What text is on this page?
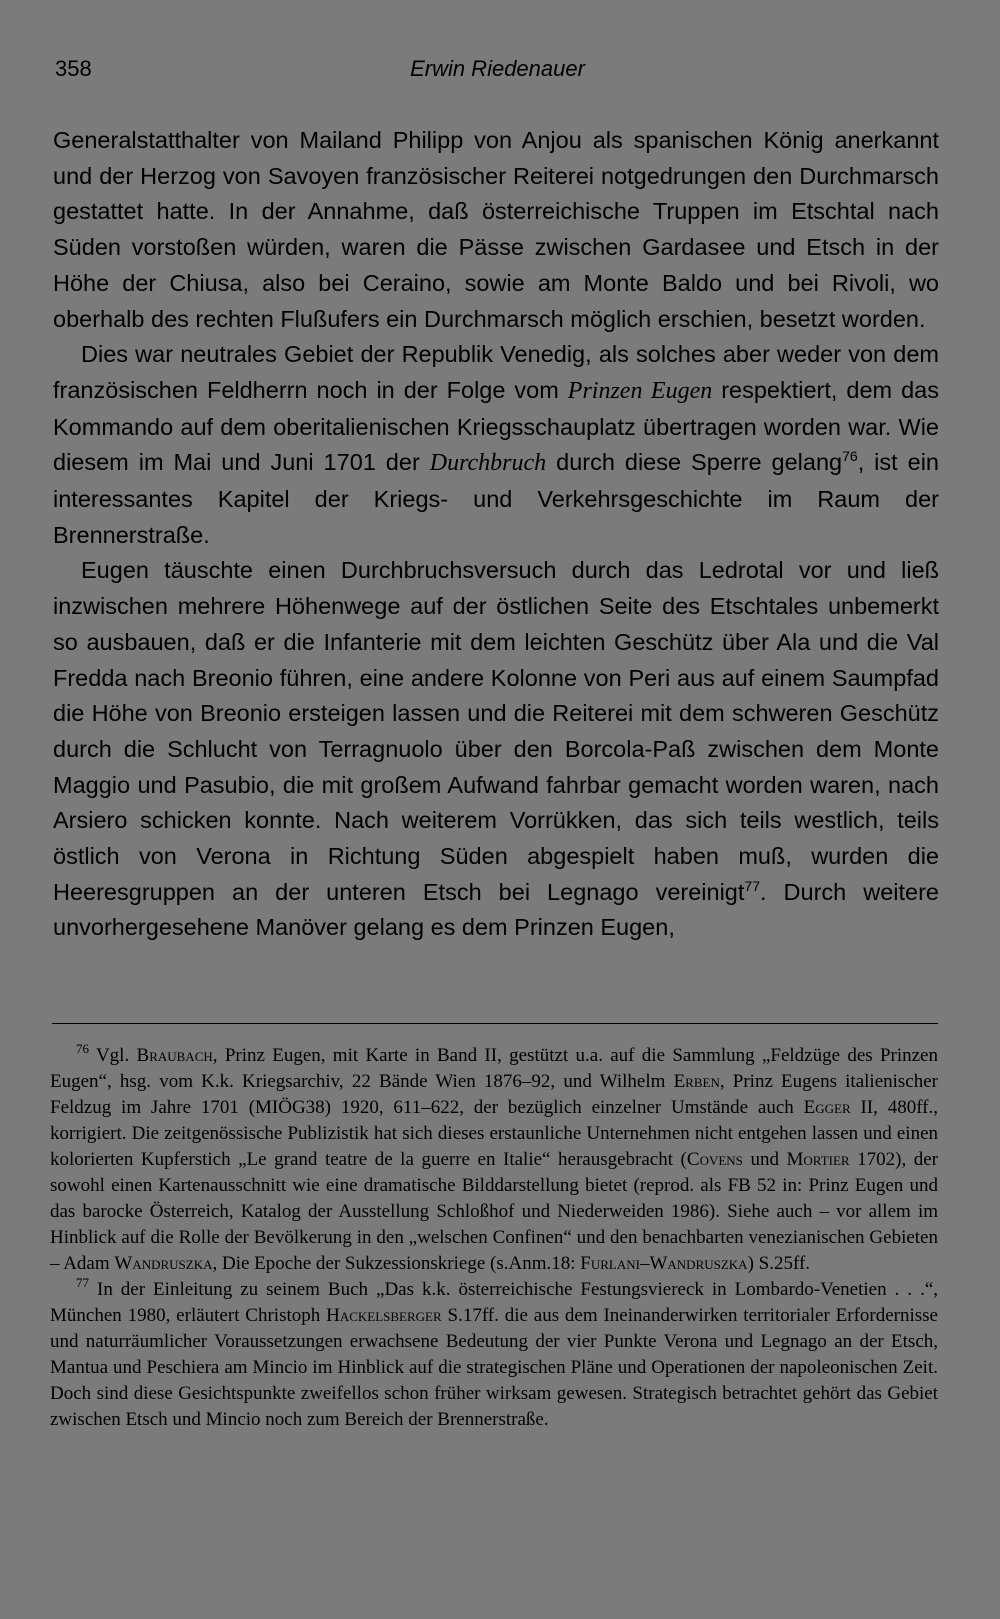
358	Erwin Riedenauer

Generalstatthalter von Mailand Philipp von Anjou als spanischen König anerkannt und der Herzog von Savoyen französischer Reiterei notgedrungen den Durchmarsch gestattet hatte. In der Annahme, daß österreichische Truppen im Etschtal nach Süden vorstoßen würden, waren die Pässe zwischen Gardasee und Etsch in der Höhe der Chiusa, also bei Ceraino, sowie am Monte Baldo und bei Rivoli, wo oberhalb des rechten Flußufers ein Durchmarsch möglich erschien, besetzt worden.

Dies war neutrales Gebiet der Republik Venedig, als solches aber weder von dem französischen Feldherrn noch in der Folge vom Prinzen Eugen respektiert, dem das Kommando auf dem oberitalienischen Kriegsschauplatz übertragen worden war. Wie diesem im Mai und Juni 1701 der Durchbruch durch diese Sperre gelang$^{76}$, ist ein interessantes Kapitel der Kriegs- und Verkehrsgeschichte im Raum der Brennerstraße.

Eugen täuschte einen Durchbruchsversuch durch das Ledrotal vor und ließ inzwischen mehrere Höhenwege auf der östlichen Seite des Etschtales unbemerkt so ausbauen, daß er die Infanterie mit dem leichten Geschütz über Ala und die Val Fredda nach Breonio führen, eine andere Kolonne von Peri aus auf einem Saumpfad die Höhe von Breonio ersteigen lassen und die Reiterei mit dem schweren Geschütz durch die Schlucht von Terragnuolo über den Borcola-Paß zwischen dem Monte Maggio und Pasubio, die mit großem Aufwand fahrbar gemacht worden waren, nach Arsiero schicken konnte. Nach weiterem Vorrükken, das sich teils westlich, teils östlich von Verona in Richtung Süden abgespielt haben muß, wurden die Heeresgruppen an der unteren Etsch bei Legnago vereinigt$^{77}$. Durch weitere unvorhergesehene Manöver gelang es dem Prinzen Eugen,

$^{76}$ Vgl. Braubach, Prinz Eugen, mit Karte in Band II, gestützt u.a. auf die Sammlung „Feldzüge des Prinzen Eugen“, hsg. vom K.k. Kriegsarchiv, 22 Bände Wien 1876–92, und Wilhelm Erben, Prinz Eugens italienischer Feldzug im Jahre 1701 (MIÖG38) 1920, 611–622, der bezüglich einzelner Umstände auch Egger II, 480ff., korrigiert. Die zeitgenössische Publizistik hat sich dieses erstaunliche Unternehmen nicht entgehen lassen und einen kolorierten Kupferstich „Le grand teatre de la guerre en Italie“ herausgebracht (Covens und Mortier 1702), der sowohl einen Kartenausschnitt wie eine dramatische Bilddarstellung bietet (reprod. als FB 52 in: Prinz Eugen und das barocke Österreich, Katalog der Ausstellung Schloßhof und Niederweiden 1986). Siehe auch – vor allem im Hinblick auf die Rolle der Bevölkerung in den „welschen Confinen“ und den benachbarten venezianischen Gebieten – Adam Wandruszka, Die Epoche der Sukzessionskriege (s.Anm.18: Furlani–Wandruszka) S.25ff.

$^{77}$ In der Einleitung zu seinem Buch „Das k.k. österreichische Festungsviereck in Lombardo-Venetien . . .“, München 1980, erläutert Christoph Hackelsberger S.17ff. die aus dem Ineinanderwirken territorialer Erfordernisse und naturräumlicher Voraussetzungen erwachsene Bedeutung der vier Punkte Verona und Legnago an der Etsch, Mantua und Peschiera am Mincio im Hinblick auf die strategischen Pläne und Operationen der napoleonischen Zeit. Doch sind diese Gesichtspunkte zweifellos schon früher wirksam gewesen. Strategisch betrachtet gehört das Gebiet zwischen Etsch und Mincio noch zum Bereich der Brennerstraße.
